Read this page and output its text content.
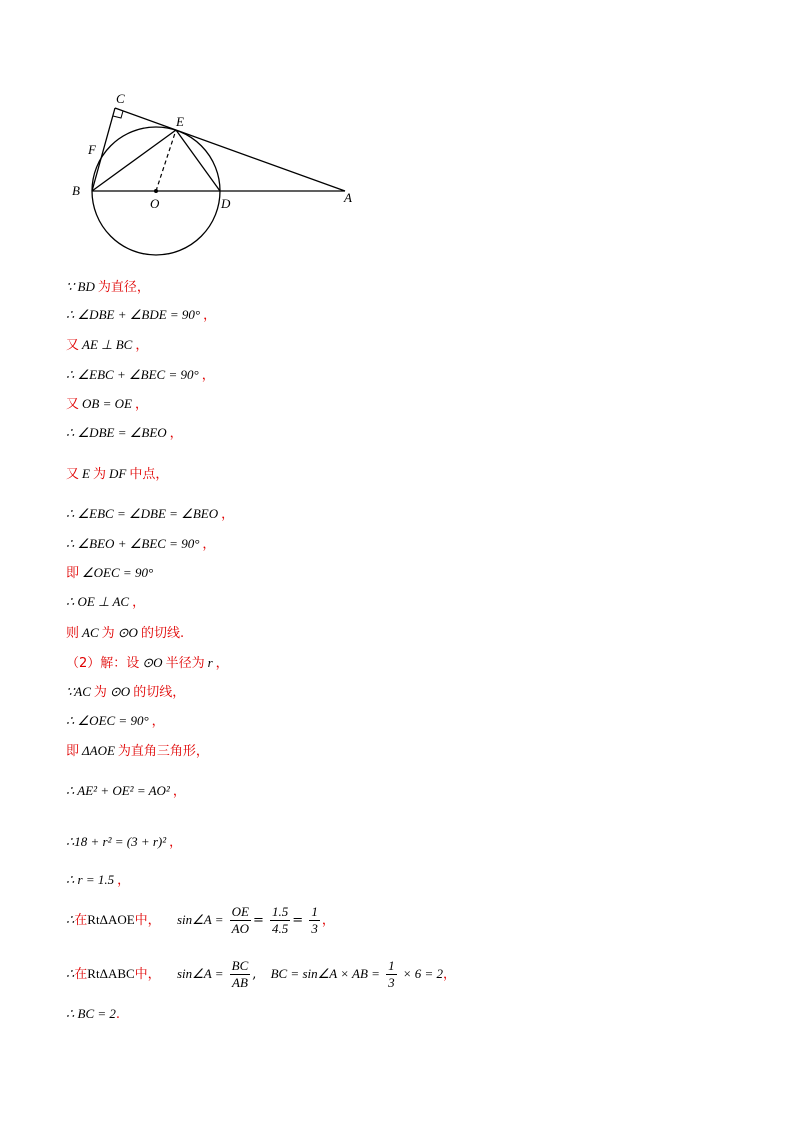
C
E
F
B
O	D	A
∵ BD 为直径，
∴ ∠DBE + ∠BDE = 90° ，
又 AE ⊥ BC ，
∴ ∠EBC + ∠BEC = 90° ，
又 OB = OE ，
∴ ∠DBE = ∠BEO ，
又 E 为 DF 中点，
∴ ∠EBC = ∠DBE = ∠BEO ，
∴ ∠BEO + ∠BEC = 90° ，
即 ∠OEC = 90°
∴ OE ⊥ AC ，
则 AC 为 ⊙O 的切线.
（2）解：设 ⊙O 半径为 r ，
∵AC 为 ⊙O 的切线，
∴ ∠OEC = 90° ，
即 ΔAOE 为直角三角形，
∴ AE² + OE² = AO² ，
∴18 + r² = (3 + r)² ，
∴ r = 1.5 ，
∴在RtΔAOE中， sin∠A = $\frac{OE}{AO} = \frac{1.5}{4.5} = \frac{1}{3}$ ，
∴在RtΔABC中， sin∠A = $\frac{BC}{AB}$ , BC = sin∠A × AB = $\frac{1}{3} \times 6 = 2$，
∴ BC = 2.
